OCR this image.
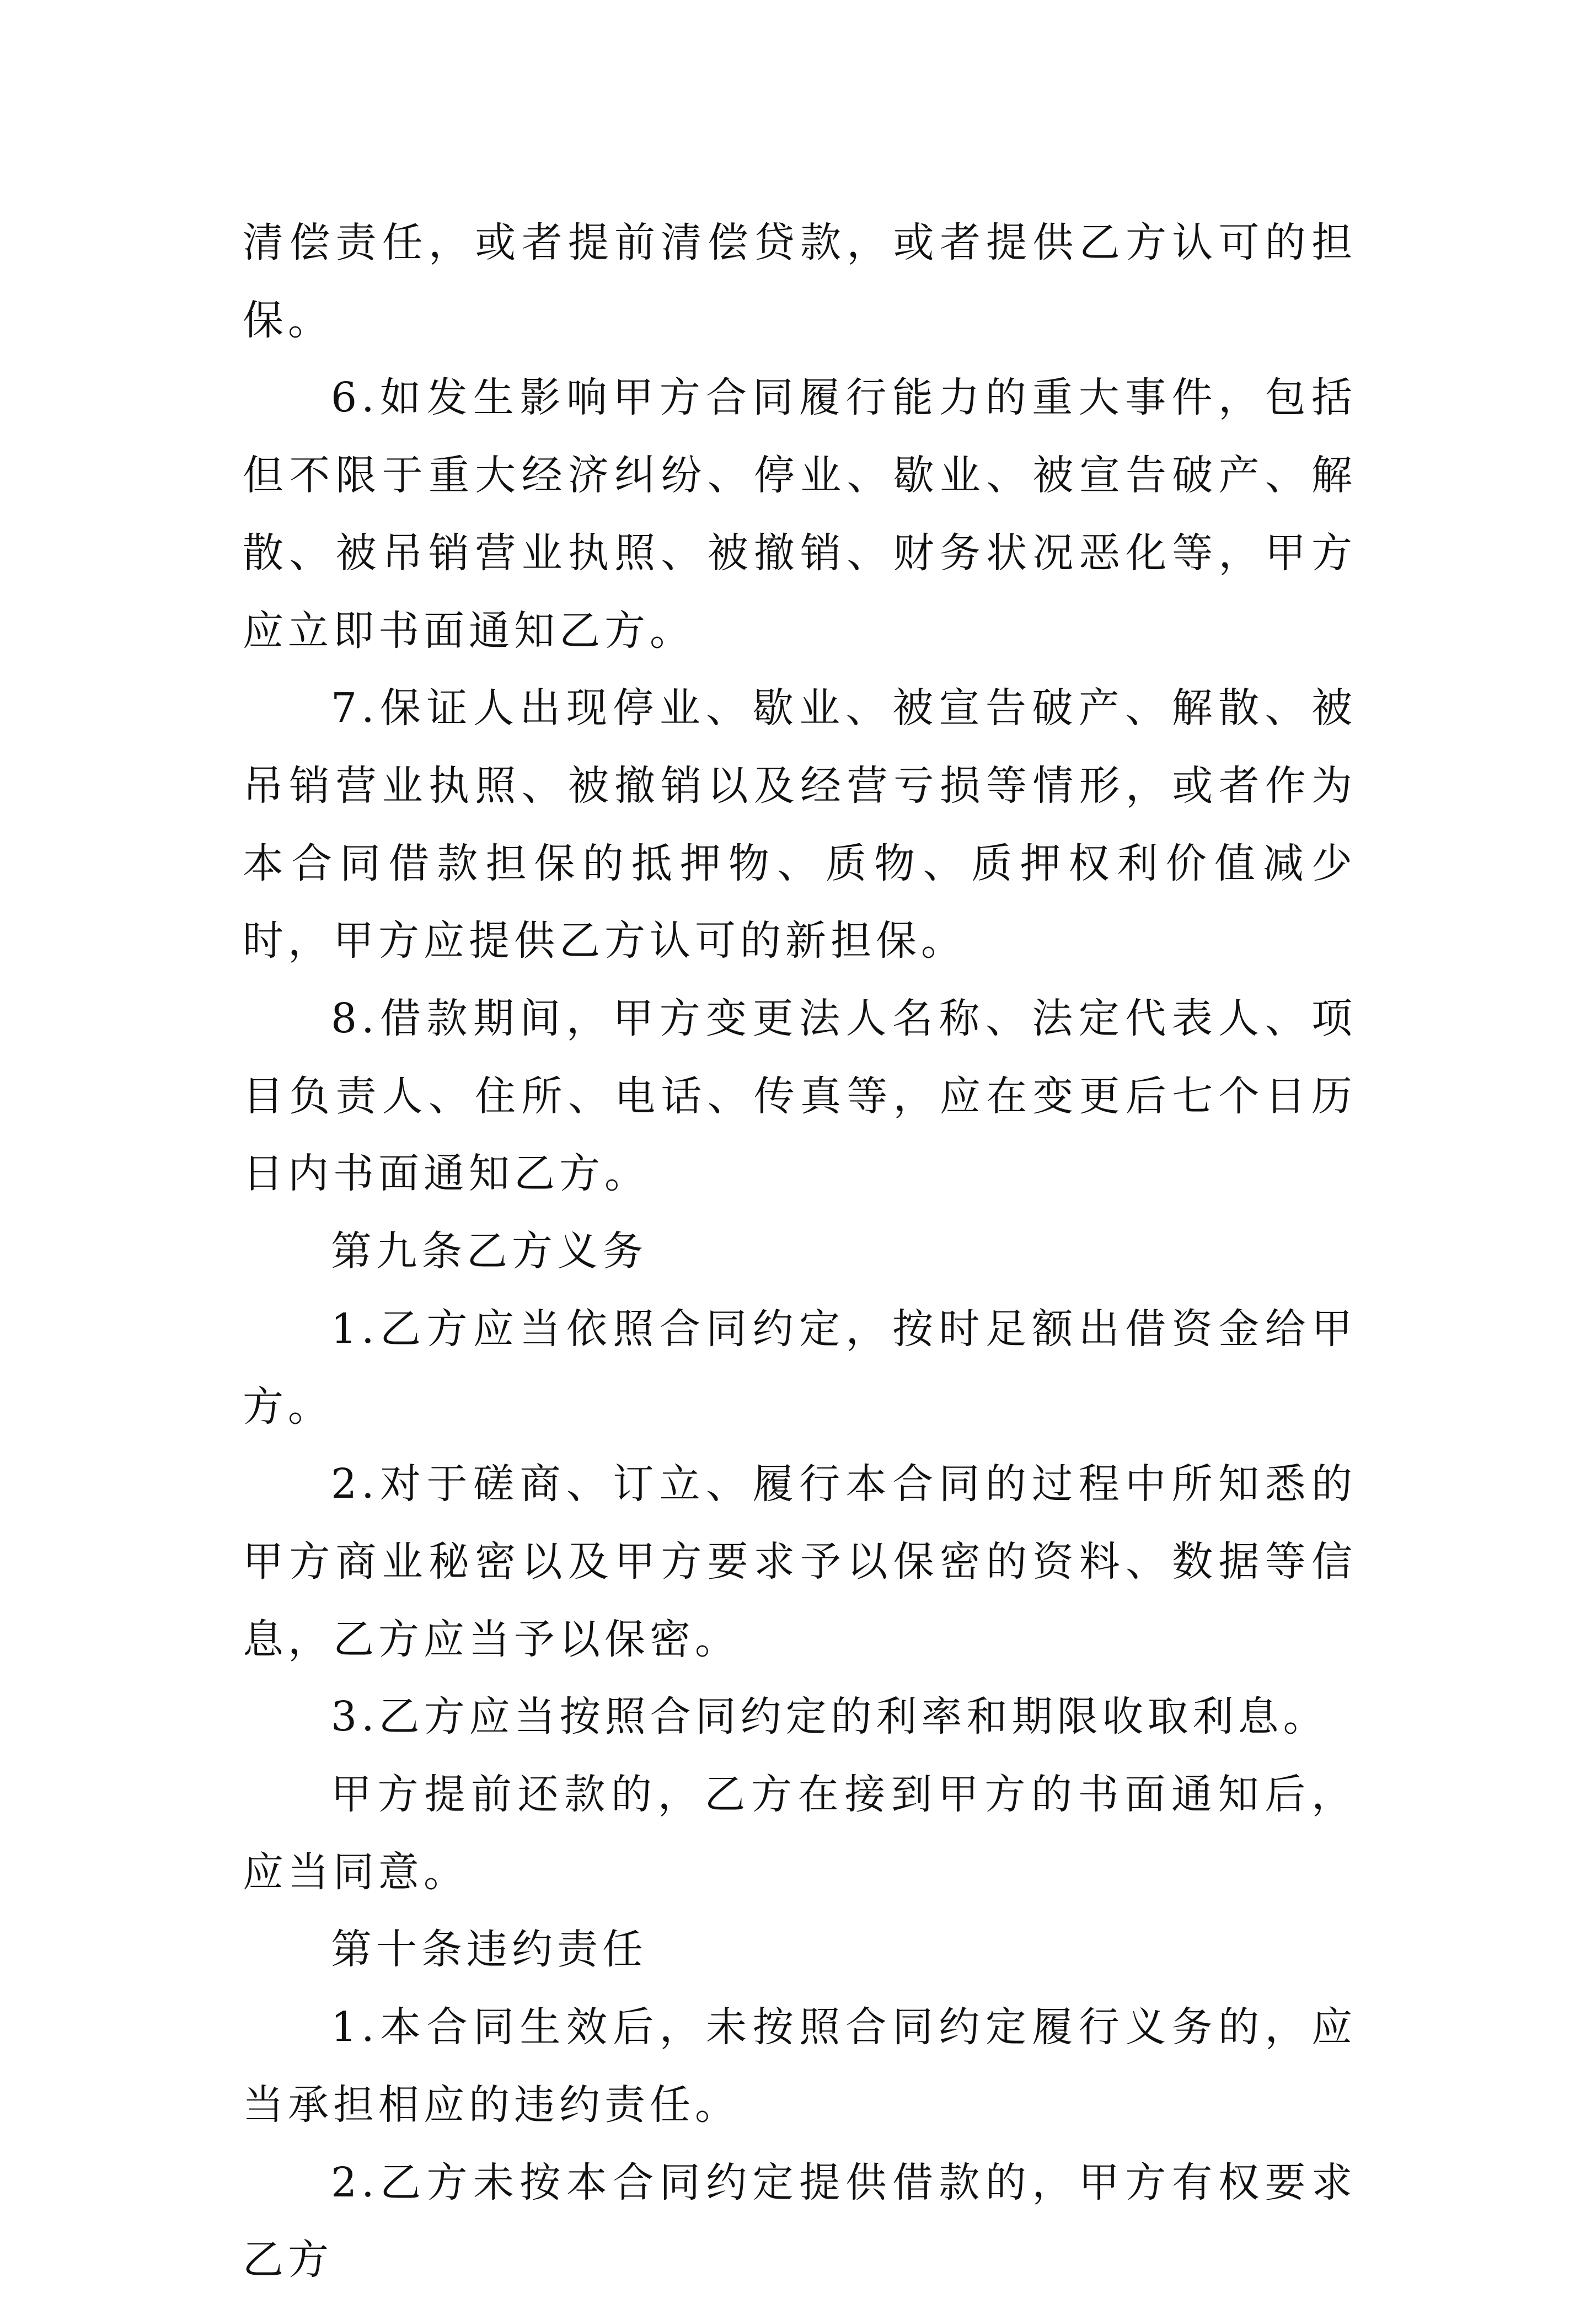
清偿责任，或者提前清偿贷款，或者提供乙方认可的担保。

6.如发生影响甲方合同履行能力的重大事件，包括但不限于重大经济纠纷、停业、歇业、被宣告破产、解散、被吊销营业执照、被撤销、财务状况恶化等，甲方应立即书面通知乙方。

7.保证人出现停业、歇业、被宣告破产、解散、被吊销营业执照、被撤销以及经营亏损等情形，或者作为本合同借款担保的抵押物、质物、质押权利价值减少时，甲方应提供乙方认可的新担保。

8.借款期间，甲方变更法人名称、法定代表人、项目负责人、住所、电话、传真等，应在变更后七个日历日内书面通知乙方。

第九条乙方义务

1.乙方应当依照合同约定，按时足额出借资金给甲方。

2.对于磋商、订立、履行本合同的过程中所知悉的甲方商业秘密以及甲方要求予以保密的资料、数据等信息，乙方应当予以保密。

3.乙方应当按照合同约定的利率和期限收取利息。

甲方提前还款的，乙方在接到甲方的书面通知后，应当同意。

第十条违约责任

1.本合同生效后，未按照合同约定履行义务的，应当承担相应的违约责任。

2.乙方未按本合同约定提供借款的，甲方有权要求乙方
